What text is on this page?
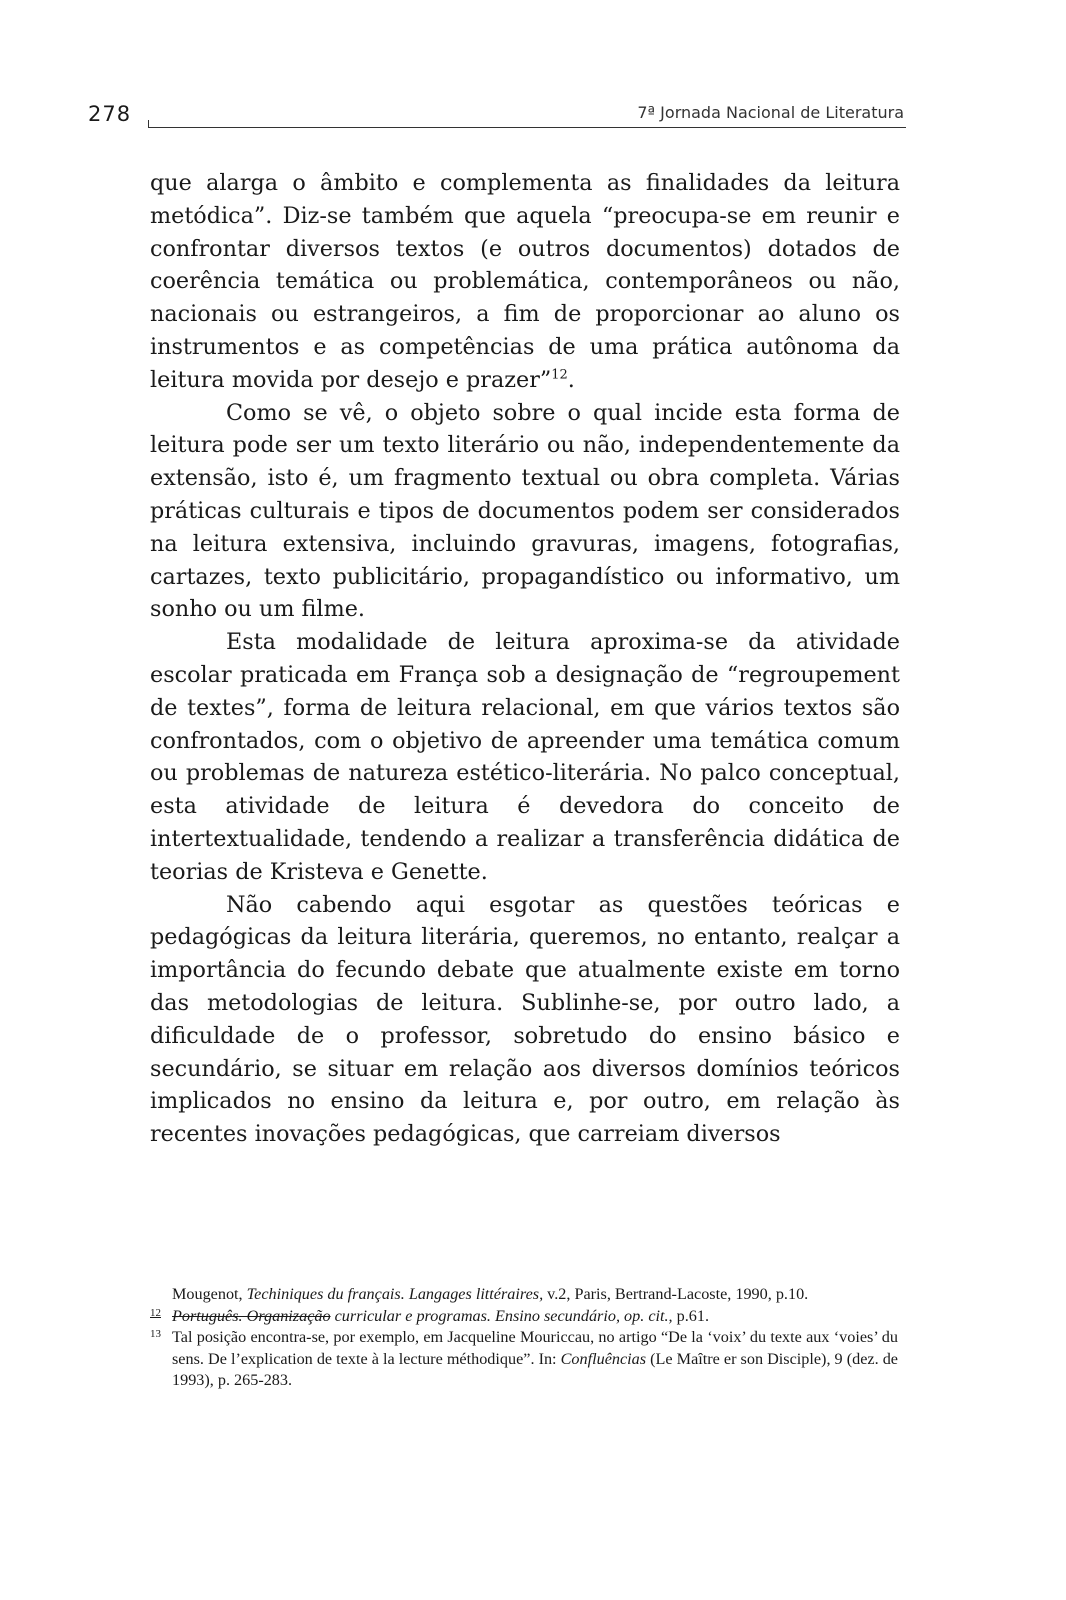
278	7ª Jornada Nacional de Literatura

que alarga o âmbito e complementa as finalidades da leitura metódica”. Diz-se também que aquela “preocupa-se em reunir e confrontar diversos textos (e outros documentos) dotados de coerência temática ou problemática, contemporâneos ou não, nacionais ou estrangeiros, a fim de proporcionar ao aluno os instrumentos e as competências de uma prática autônoma da leitura movida por desejo e prazer”$^{12}$.

Como se vê, o objeto sobre o qual incide esta forma de leitura pode ser um texto literário ou não, independentemente da extensão, isto é, um fragmento textual ou obra completa. Várias práticas culturais e tipos de documentos podem ser considerados na leitura extensiva, incluindo gravuras, imagens, fotografias, cartazes, texto publicitário, propagandístico ou informativo, um sonho ou um filme.

Esta modalidade de leitura aproxima-se da atividade escolar praticada em França sob a designação de “regroupement de textes”, forma de leitura relacional, em que vários textos são confrontados, com o objetivo de apreender uma temática comum ou problemas de natureza estético-literária. No palco conceptual, esta atividade de leitura é devedora do conceito de intertextualidade, tendendo a realizar a transferência didática de teorias de Kristeva e Genette.

Não cabendo aqui esgotar as questões teóricas e pedagógicas da leitura literária, queremos, no entanto, realçar a importância do fecundo debate que atualmente existe em torno das metodologias de leitura. Sublinhe-se, por outro lado, a dificuldade de o professor, sobretudo do ensino básico e secundário, se situar em relação aos diversos domínios teóricos implicados no ensino da leitura e, por outro, em relação às recentes inovações pedagógicas, que carreiam diversos

Mougenot, Techiniques du français. Langages littéraires, v.2, Paris, Bertrand-Lacoste, 1990, p.10.

12 Português. Organização curricular e programas. Ensino secundário, op. cit., p.61.

13 Tal posição encontra-se, por exemplo, em Jacqueline Mouriccau, no artigo “De la ‘voix’ du texte aux ‘voies’ du sens. De l’explication de texte à la lecture méthodique”. In: Confluências (Le Maître er son Disciple), 9 (dez. de 1993), p. 265-283.
